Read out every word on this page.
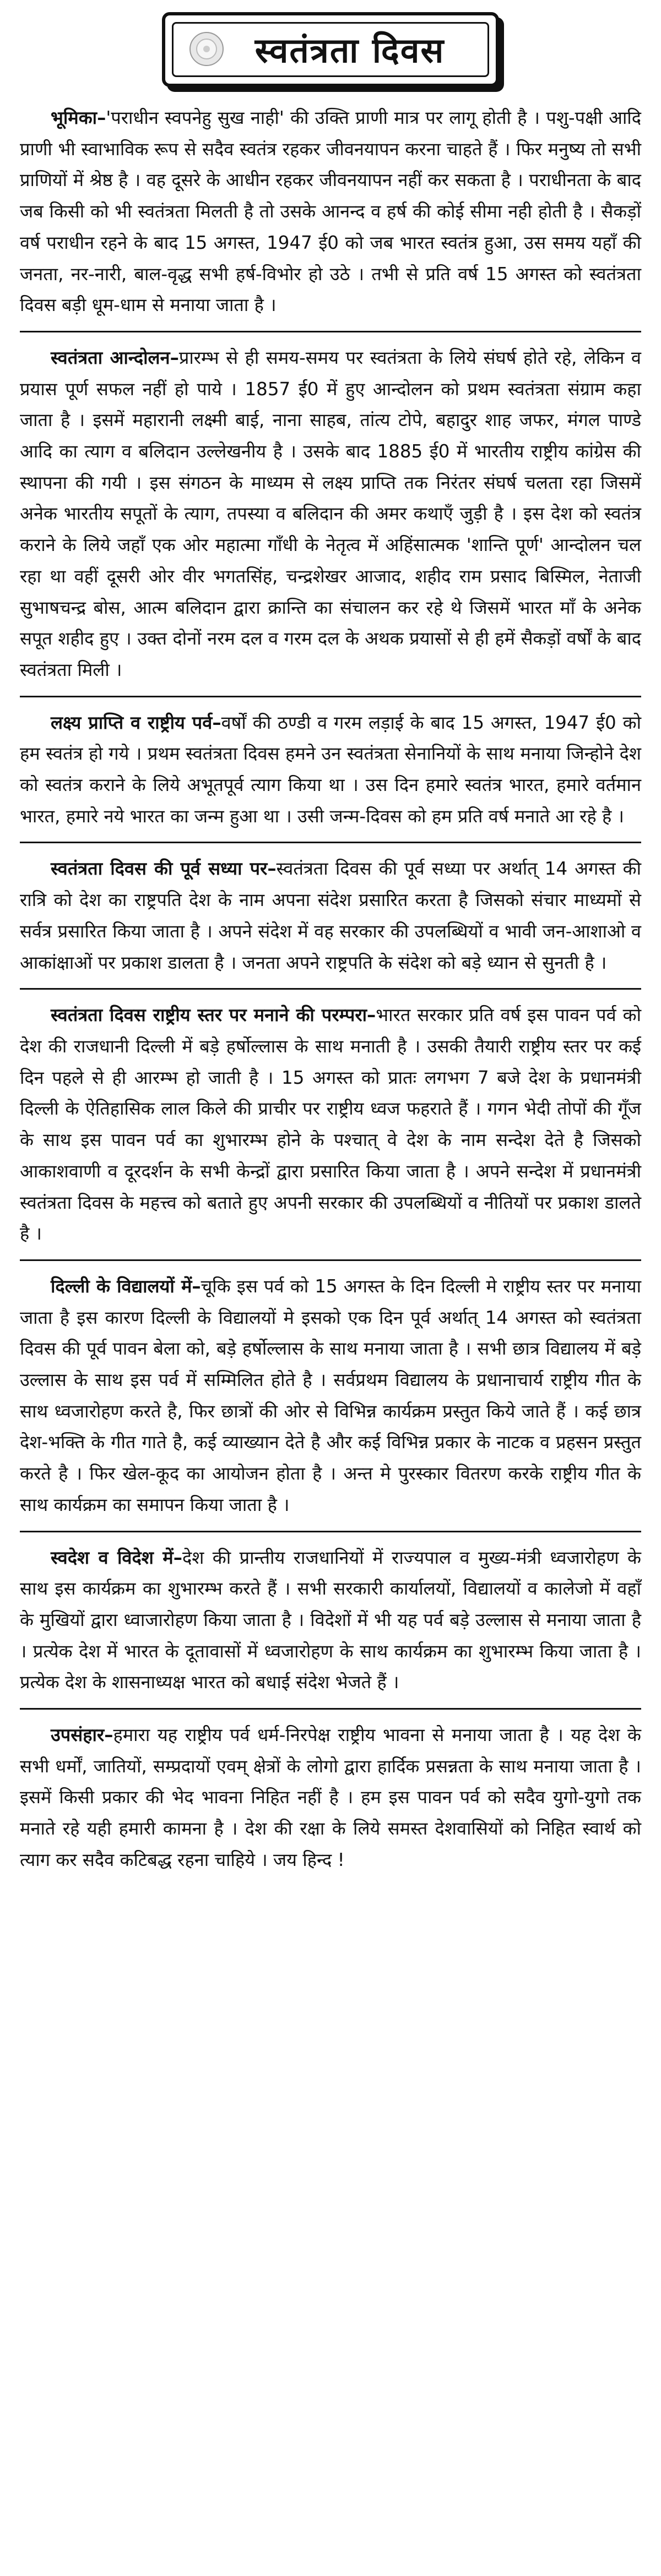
स्वतंत्रता दिवस

भूमिका–'पराधीन स्वपनेहु सुख नाही' की उक्ति प्राणी मात्र पर लागू होती है । पशु-पक्षी आदि प्राणी भी स्वाभाविक रूप से सदैव स्वतंत्र रहकर जीवनयापन करना चाहते हैं । फिर मनुष्य तो सभी प्राणियों में श्रेष्ठ है । वह दूसरे के आधीन रहकर जीवनयापन नहीं कर सकता है । पराधीनता के बाद जब किसी को भी स्वतंत्रता मिलती है तो उसके आनन्द व हर्ष की कोई सीमा नही होती है । सैकड़ों वर्ष पराधीन रहने के बाद 15 अगस्त, 1947 ई0 को जब भारत स्वतंत्र हुआ, उस समय यहाँ की जनता, नर-नारी, बाल-वृद्ध सभी हर्ष-विभोर हो उठे । तभी से प्रति वर्ष 15 अगस्त को स्वतंत्रता दिवस बड़ी धूम-धाम से मनाया जाता है ।

स्वतंत्रता आन्दोलन–प्रारम्भ से ही समय-समय पर स्वतंत्रता के लिये संघर्ष होते रहे, लेकिन व प्रयास पूर्ण सफल नहीं हो पाये । 1857 ई0 में हुए आन्दोलन को प्रथम स्वतंत्रता संग्राम कहा जाता है । इसमें महारानी लक्ष्मी बाई, नाना साहब, तांत्य टोपे, बहादुर शाह जफर, मंगल पाण्डे आदि का त्याग व बलिदान उल्लेखनीय है । उसके बाद 1885 ई0 में भारतीय राष्ट्रीय कांग्रेस की स्थापना की गयी । इस संगठन के माध्यम से लक्ष्य प्राप्ति तक निरंतर संघर्ष चलता रहा जिसमें अनेक भारतीय सपूतों के त्याग, तपस्या व बलिदान की अमर कथाएँ जुड़ी है । इस देश को स्वतंत्र कराने के लिये जहाँ एक ओर महात्मा गाँधी के नेतृत्व में अहिंसात्मक 'शान्ति पूर्ण' आन्दोलन चल रहा था वहीं दूसरी ओर वीर भगतसिंह, चन्द्रशेखर आजाद, शहीद राम प्रसाद बिस्मिल, नेताजी सुभाषचन्द्र बोस, आत्म बलिदान द्वारा क्रान्ति का संचालन कर रहे थे जिसमें भारत माँ के अनेक सपूत शहीद हुए । उक्त दोनों नरम दल व गरम दल के अथक प्रयासों से ही हमें सैकड़ों वर्षों के बाद स्वतंत्रता मिली ।

लक्ष्य प्राप्ति व राष्ट्रीय पर्व–वर्षों की ठण्डी व गरम लड़ाई के बाद 15 अगस्त, 1947 ई0 को हम स्वतंत्र हो गये । प्रथम स्वतंत्रता दिवस हमने उन स्वतंत्रता सेनानियों के साथ मनाया जिन्होने देश को स्वतंत्र कराने के लिये अभूतपूर्व त्याग किया था । उस दिन हमारे स्वतंत्र भारत, हमारे वर्तमान भारत, हमारे नये भारत का जन्म हुआ था । उसी जन्म-दिवस को हम प्रति वर्ष मनाते आ रहे है ।

स्वतंत्रता दिवस की पूर्व सध्या पर–स्वतंत्रता दिवस की पूर्व सध्या पर अर्थात् 14 अगस्त की रात्रि को देश का राष्ट्रपति देश के नाम अपना संदेश प्रसारित करता है जिसको संचार माध्यमों से सर्वत्र प्रसारित किया जाता है । अपने संदेश में वह सरकार की उपलब्धियों व भावी जन-आशाओ व आकांक्षाओं पर प्रकाश डालता है । जनता अपने राष्ट्रपति के संदेश को बड़े ध्यान से सुनती है ।

स्वतंत्रता दिवस राष्ट्रीय स्तर पर मनाने की परम्परा–भारत सरकार प्रति वर्ष इस पावन पर्व को देश की राजधानी दिल्ली में बड़े हर्षोल्लास के साथ मनाती है । उसकी तैयारी राष्ट्रीय स्तर पर कई दिन पहले से ही आरम्भ हो जाती है । 15 अगस्त को प्रातः लगभग 7 बजे देश के प्रधानमंत्री दिल्ली के ऐतिहासिक लाल किले की प्राचीर पर राष्ट्रीय ध्वज फहराते हैं । गगन भेदी तोपों की गूँज के साथ इस पावन पर्व का शुभारम्भ होने के पश्चात् वे देश के नाम सन्देश देते है जिसको आकाशवाणी व दूरदर्शन के सभी केन्द्रों द्वारा प्रसारित किया जाता है । अपने सन्देश में प्रधानमंत्री स्वतंत्रता दिवस के महत्त्व को बताते हुए अपनी सरकार की उपलब्धियों व नीतियों पर प्रकाश डालते है ।

दिल्ली के विद्यालयों में–चूकि इस पर्व को 15 अगस्त के दिन दिल्ली मे राष्ट्रीय स्तर पर मनाया जाता है इस कारण दिल्ली के विद्यालयों मे इसको एक दिन पूर्व अर्थात् 14 अगस्त को स्वतंत्रता दिवस की पूर्व पावन बेला को, बड़े हर्षोल्लास के साथ मनाया जाता है । सभी छात्र विद्यालय में बड़े उल्लास के साथ इस पर्व में सम्मिलित होते है । सर्वप्रथम विद्यालय के प्रधानाचार्य राष्ट्रीय गीत के साथ ध्वजारोहण करते है, फिर छात्रों की ओर से विभिन्न कार्यक्रम प्रस्तुत किये जाते हैं । कई छात्र देश-भक्ति के गीत गाते है, कई व्याख्यान देते है और कई विभिन्न प्रकार के नाटक व प्रहसन प्रस्तुत करते है । फिर खेल-कूद का आयोजन होता है । अन्त मे पुरस्कार वितरण करके राष्ट्रीय गीत के साथ कार्यक्रम का समापन किया जाता है ।

स्वदेश व विदेश में–देश की प्रान्तीय राजधानियों में राज्यपाल व मुख्य-मंत्री ध्वजारोहण के साथ इस कार्यक्रम का शुभारम्भ करते हैं । सभी सरकारी कार्यालयों, विद्यालयों व कालेजो में वहाँ के मुखियों द्वारा ध्वाजारोहण किया जाता है । विदेशों में भी यह पर्व बड़े उल्लास से मनाया जाता है । प्रत्येक देश में भारत के दूतावासों में ध्वजारोहण के साथ कार्यक्रम का शुभारम्भ किया जाता है । प्रत्येक देश के शासनाध्यक्ष भारत को बधाई संदेश भेजते हैं ।

उपसंहार–हमारा यह राष्ट्रीय पर्व धर्म-निरपेक्ष राष्ट्रीय भावना से मनाया जाता है । यह देश के सभी धर्मों, जातियों, सम्प्रदायों एवम् क्षेत्रों के लोगो द्वारा हार्दिक प्रसन्नता के साथ मनाया जाता है । इसमें किसी प्रकार की भेद भावना निहित नहीं है । हम इस पावन पर्व को सदैव युगो-युगो तक मनाते रहे यही हमारी कामना है । देश की रक्षा के लिये समस्त देशवासियों को निहित स्वार्थ को त्याग कर सदैव कटिबद्ध रहना चाहिये । जय हिन्द !
